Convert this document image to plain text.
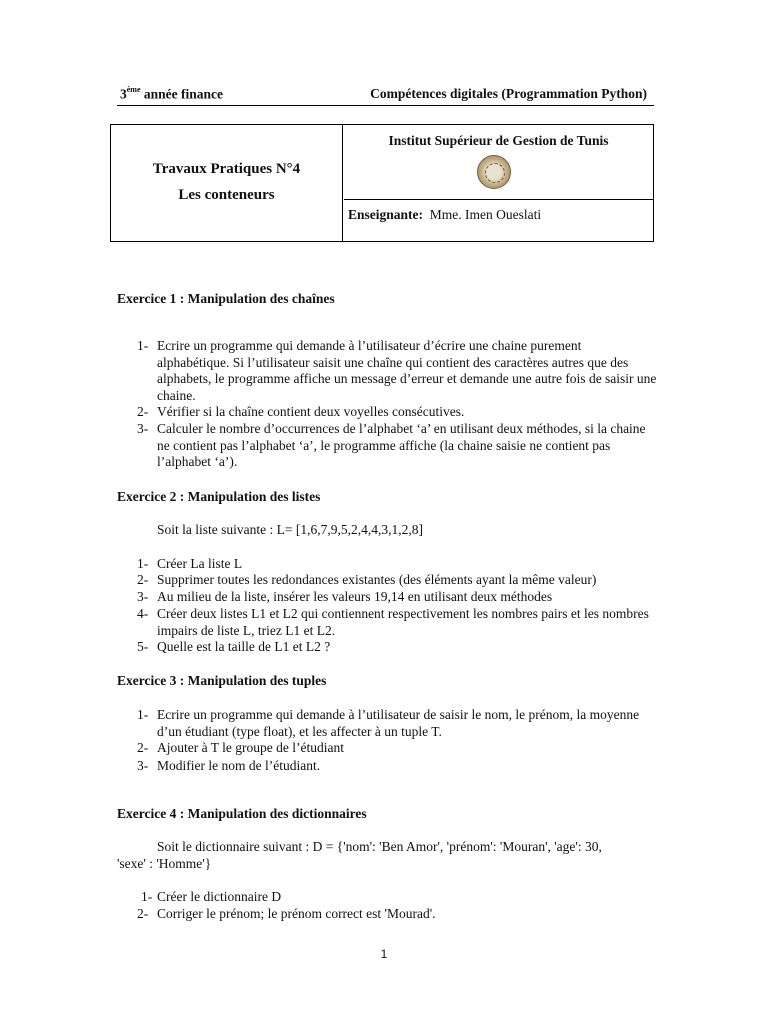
3ème année finance	Compétences digitales (Programmation Python)
Travaux Pratiques N°4
Les conteneurs
Institut Supérieur de Gestion de Tunis
Enseignante: Mme. Imen Oueslati
Exercice 1 : Manipulation des chaînes
1- Ecrire un programme qui demande à l’utilisateur d’écrire une chaine purement alphabétique. Si l’utilisateur saisit une chaîne qui contient des caractères autres que des alphabets, le programme affiche un message d’erreur et demande une autre fois de saisir une chaine.
2- Vérifier si la chaîne contient deux voyelles consécutives.
3- Calculer le nombre d’occurrences de l’alphabet ‘a’ en utilisant deux méthodes, si la chaine ne contient pas l’alphabet ‘a’, le programme affiche (la chaine saisie ne contient pas l’alphabet ‘a’).
Exercice 2 : Manipulation des listes
Soit la liste suivante : L= [1,6,7,9,5,2,4,4,3,1,2,8]
1- Créer La liste L
2- Supprimer toutes les redondances existantes (des éléments ayant la même valeur)
3- Au milieu de la liste, insérer les valeurs 19,14 en utilisant deux méthodes
4- Créer deux listes L1 et L2 qui contiennent respectivement les nombres pairs et les nombres impairs de liste L, triez L1 et L2.
5- Quelle est la taille de L1 et L2 ?
Exercice 3 : Manipulation des tuples
1- Ecrire un programme qui demande à l’utilisateur de saisir le nom, le prénom, la moyenne d’un étudiant (type float), et les affecter à un tuple T.
2- Ajouter à T le groupe de l’étudiant
3- Modifier le nom de l’étudiant.
Exercice 4 : Manipulation des dictionnaires
Soit le dictionnaire suivant : D = {'nom': 'Ben Amor', 'prénom': 'Mouran', 'age': 30,
'sexe' : 'Homme'}
1- Créer le dictionnaire D
2- Corriger le prénom; le prénom correct est 'Mourad'.
1
